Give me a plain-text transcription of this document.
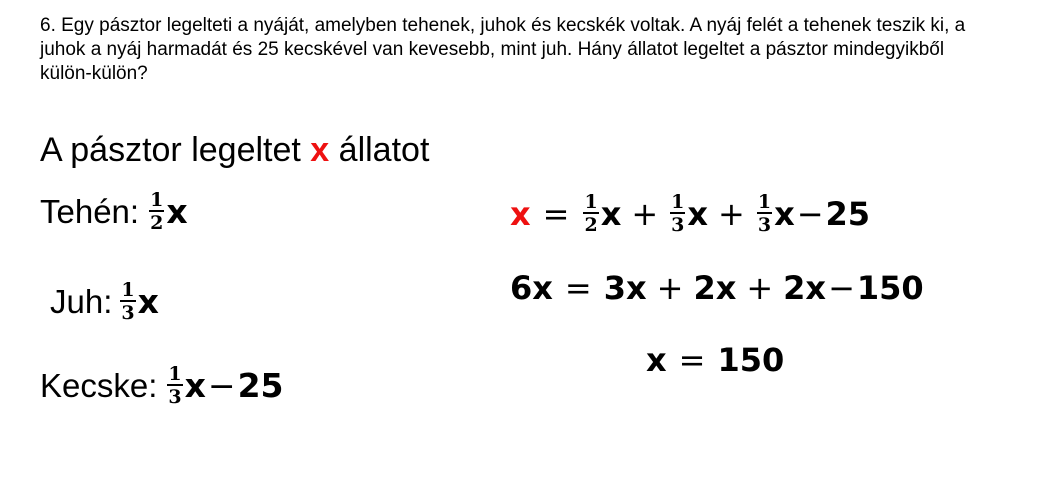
6. Egy pásztor legelteti a nyáját, amelyben tehenek, juhok és kecskék voltak. A nyáj felét a tehenek teszik ki, a juhok a nyáj harmadát és 25 kecskével van kevesebb, mint juh. Hány állatot legeltet a pásztor mindegyikből külön-külön?
A pásztor legeltet x állatot
Tehén: $\frac{1}{2}$ x
Juh: $\frac{1}{3}$ x
Kecske: $\frac{1}{3}$ x − 25
$x = \frac{1}{2}$ $x + \frac{1}{3}$ $x + \frac{1}{3}$ x − 25
6x = 3x + 2x + 2x − 150
x = 150
